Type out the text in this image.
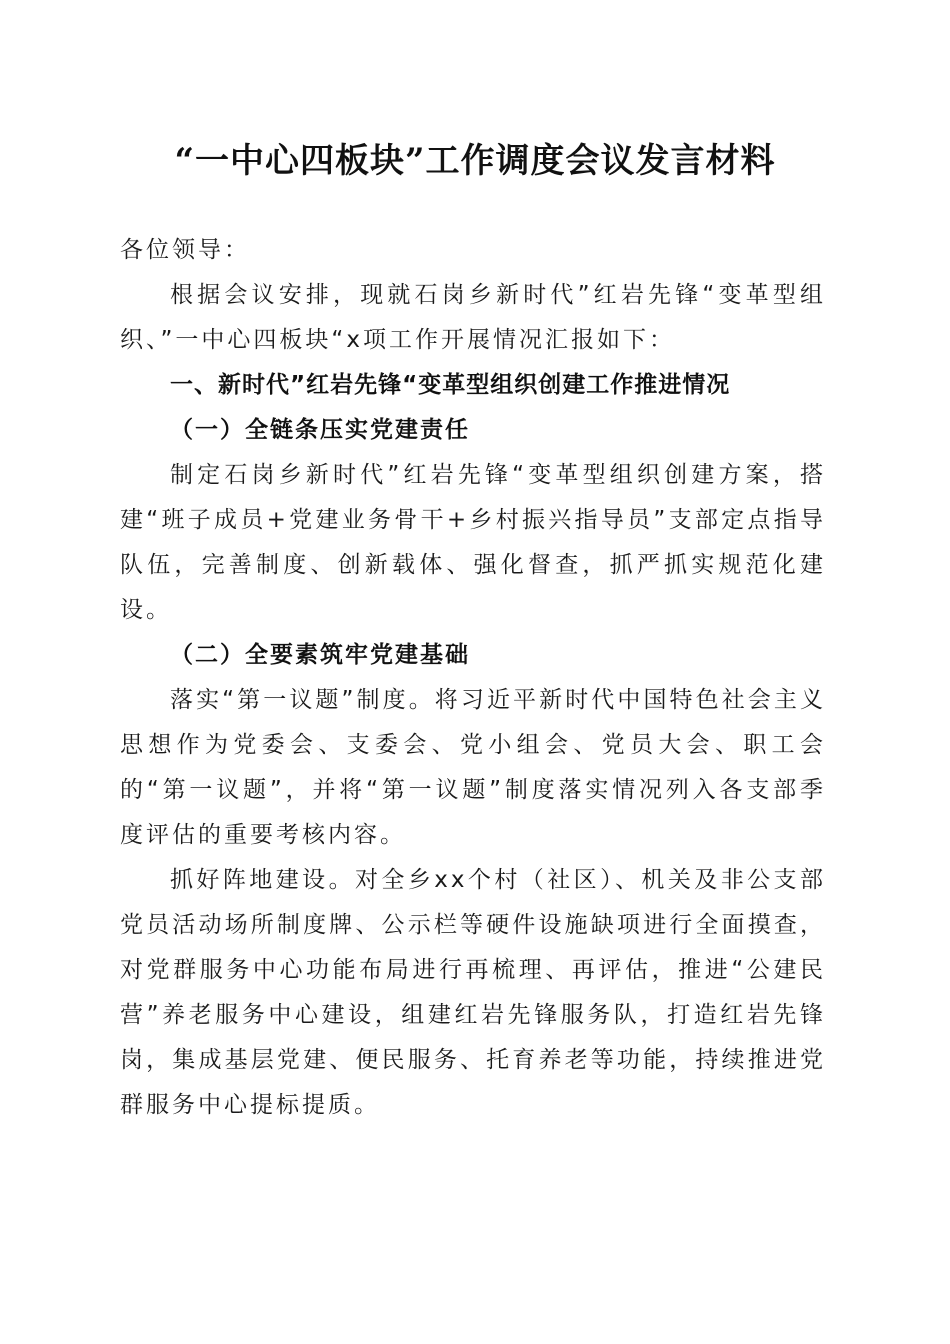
“一中心四板块”工作调度会议发言材料

各位领导：

根据会议安排，现就石岗乡新时代”红岩先锋“变革型组织、”一中心四板块“x项工作开展情况汇报如下：

一、新时代”红岩先锋“变革型组织创建工作推进情况

（一）全链条压实党建责任

制定石岗乡新时代”红岩先锋“变革型组织创建方案，搭建“班子成员+党建业务骨干+乡村振兴指导员”支部定点指导队伍，完善制度、创新载体、强化督查，抓严抓实规范化建设。

（二）全要素筑牢党建基础

落实“第一议题”制度。将习近平新时代中国特色社会主义思想作为党委会、支委会、党小组会、党员大会、职工会的“第一议题”，并将“第一议题”制度落实情况列入各支部季度评估的重要考核内容。

抓好阵地建设。对全乡xx个村（社区）、机关及非公支部党员活动场所制度牌、公示栏等硬件设施缺项进行全面摸查，对党群服务中心功能布局进行再梳理、再评估，推进“公建民营”养老服务中心建设，组建红岩先锋服务队，打造红岩先锋岗，集成基层党建、便民服务、托育养老等功能，持续推进党群服务中心提标提质。
